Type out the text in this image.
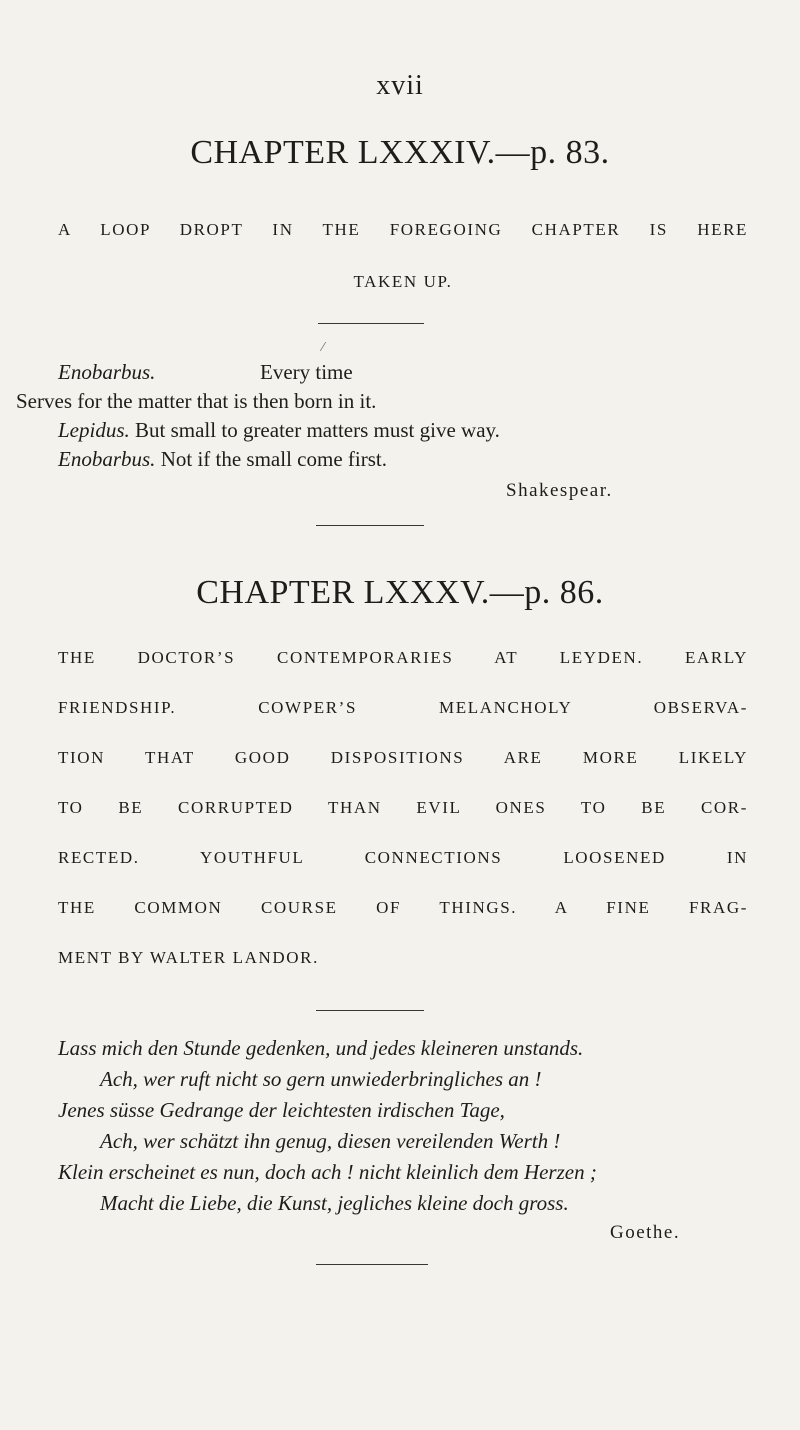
xvii
CHAPTER LXXXIV.—p. 83.
A LOOP DROPT IN THE FOREGOING CHAPTER IS HERE
TAKEN UP.
⁄
Enobarbus.	Every time
Serves for the matter that is then born in it.
Lepidus. But small to greater matters must give way.
Enobarbus. Not if the small come first.
Shakespear.
CHAPTER LXXXV.—p. 86.
THE DOCTOR’S CONTEMPORARIES AT LEYDEN. EARLY
FRIENDSHIP. COWPER’S MELANCHOLY OBSERVA-
TION THAT GOOD DISPOSITIONS ARE MORE LIKELY
TO BE CORRUPTED THAN EVIL ONES TO BE COR-
RECTED. YOUTHFUL CONNECTIONS LOOSENED IN
THE COMMON COURSE OF THINGS. A FINE FRAG-
MENT BY WALTER LANDOR.
Lass mich den Stunde gedenken, und jedes kleineren unstands.
Ach, wer ruft nicht so gern unwiederbringliches an !
Jenes süsse Gedrange der leichtesten irdischen Tage,
Ach, wer schätzt ihn genug, diesen vereilenden Werth !
Klein erscheinet es nun, doch ach ! nicht kleinlich dem Herzen ;
Macht die Liebe, die Kunst, jegliches kleine doch gross.
Goethe.
